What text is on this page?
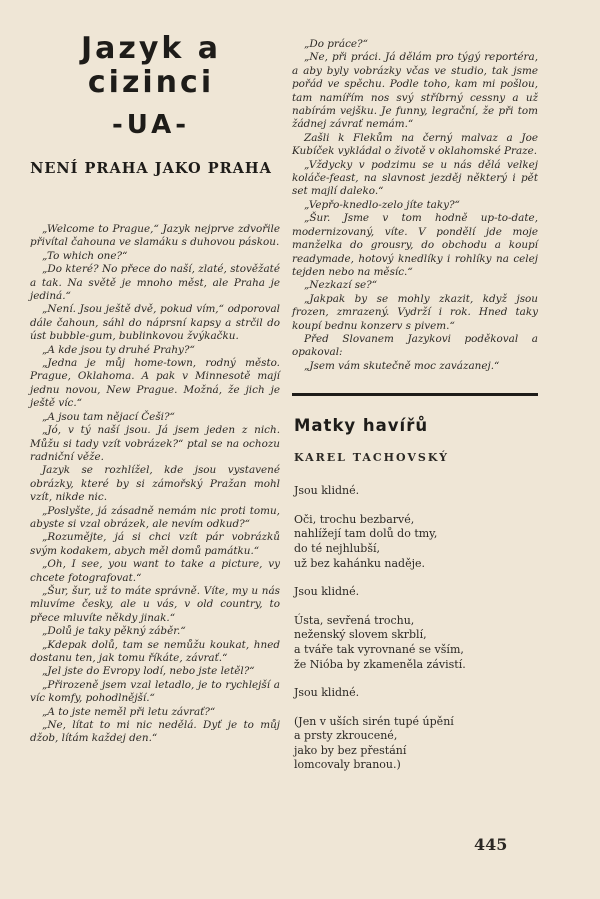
Jazyk a cizinci
-UA-
NENÍ PRAHA JAKO PRAHA

„Welcome to Prague,“ Jazyk nejprve zdvořile přivítal čahouna ve slamáku s duhovou páskou.

„To which one?“

„Do které? No přece do naší, zlaté, stověžaté a tak. Na světě je mnoho měst, ale Praha je jediná.“

„Není. Jsou ještě dvě, pokud vím,“ odporoval dále čahoun, sáhl do náprsní kapsy a strčil do úst bubble-gum, bublinkovou žvýkačku.

„A kde jsou ty druhé Prahy?“

„Jedna je můj home-town, rodný město. Prague, Oklahoma. A pak v Minnesotě mají jednu novou, New Prague. Možná, že jich je ještě víc.“

„A jsou tam nějací Češi?“

„Jó, v tý naší jsou. Já jsem jeden z nich. Můžu si tady vzít vobrázek?“ ptal se na ochozu radniční věže.

Jazyk se rozhlížel, kde jsou vystavené obrázky, které by si zámořský Pražan mohl vzít, nikde nic.

„Poslyšte, já zásadně nemám nic proti tomu, abyste si vzal obrázek, ale nevím odkud?“

„Rozumějte, já si chci vzít pár vobrázků svým kodakem, abych měl domů památku.“

„Oh, I see, you want to take a picture, vy chcete fotografovat.“

„Šur, šur, už to máte správně. Víte, my u nás mluvíme česky, ale u vás, v old country, to přece mluvíte někdy jinak.“

„Dolů je taky pěkný záběr.“

„Kdepak dolů, tam se nemůžu koukat, hned dostanu ten, jak tomu říkáte, závrať.“

„Jel jste do Evropy lodí, nebo jste letěl?“

„Přirozeně jsem vzal letadlo, je to rychlejší a víc komfy, pohodlnější.“

„A to jste neměl při letu závrať?“

„Ne, lítat to mi nic nedělá. Dyť je to můj džob, lítám každej den.“

„Do práce?“

„Ne, při práci. Já dělám pro týgý reportéra, a aby byly vobrázky včas ve studio, tak jsme pořád ve spěchu. Podle toho, kam mi pošlou, tam namířím nos svý stříbrný cessny a už nabírám vejšku. Je funny, legrační, že při tom žádnej závrať nemám.“

Zašli k Flekům na černý malvaz a Joe Kubíček vykládal o životě v oklahomské Praze.

„Vždycky v podzimu se u nás dělá velkej koláče-feast, na slavnost jezděj některý i pět set majlí daleko.“

„Vepřo-knedlo-zelo jíte taky?“

„Šur. Jsme v tom hodně up-to-date, modernizovaný, víte. V pondělí jde moje manželka do grousry, do obchodu a koupí readymade, hotový knedlíky i rohlíky na celej tejden nebo na měsíc.“

„Nezkazí se?“

„Jakpak by se mohly zkazit, když jsou frozen, zmrazený. Vydrží i rok. Hned taky koupí bednu konzerv s pivem.“

Před Slovanem Jazykovi poděkoval a opakoval:

„Jsem vám skutečně moc zavázanej.“

Matky havířů
KAREL TACHOVSKÝ
Jsou klidné.
Oči, trochu bezbarvé,
nahlížejí tam dolů do tmy,
do té nejhlubší,
už bez kahánku naděje.
Jsou klidné.
Ústa, sevřená trochu,
neženský slovem skrblí,
a tváře tak vyrovnané se vším,
že Nióba by zkameněla závistí.
Jsou klidné.
(Jen v uších sirén tupé úpění
a prsty zkroucené,
jako by bez přestání
lomcovaly branou.)
445
